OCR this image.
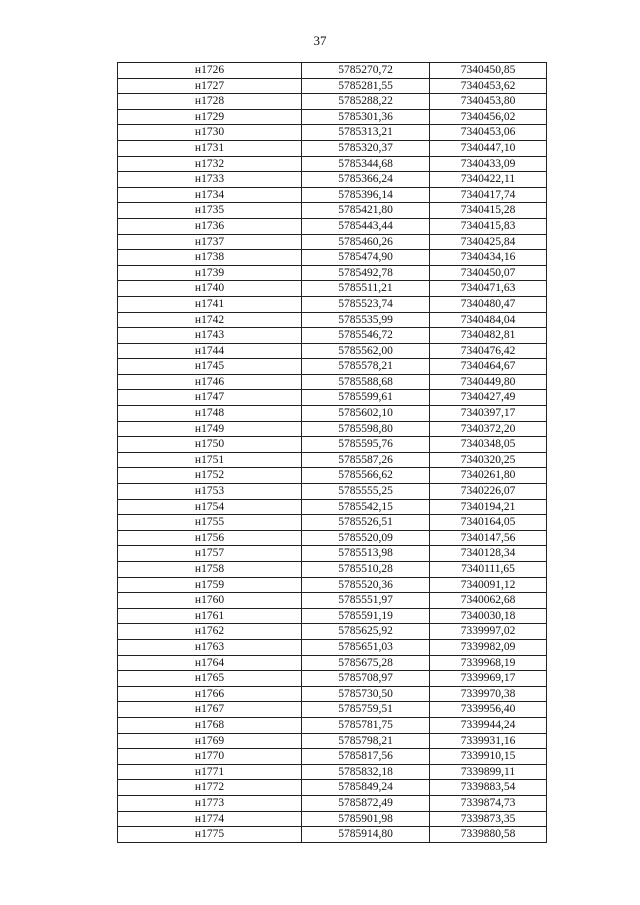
37
н1726	5785270,72	7340450,85
н1727	5785281,55	7340453,62
н1728	5785288,22	7340453,80
н1729	5785301,36	7340456,02
н1730	5785313,21	7340453,06
н1731	5785320,37	7340447,10
н1732	5785344,68	7340433,09
н1733	5785366,24	7340422,11
н1734	5785396,14	7340417,74
н1735	5785421,80	7340415,28
н1736	5785443,44	7340415,83
н1737	5785460,26	7340425,84
н1738	5785474,90	7340434,16
н1739	5785492,78	7340450,07
н1740	5785511,21	7340471,63
н1741	5785523,74	7340480,47
н1742	5785535,99	7340484,04
н1743	5785546,72	7340482,81
н1744	5785562,00	7340476,42
н1745	5785578,21	7340464,67
н1746	5785588,68	7340449,80
н1747	5785599,61	7340427,49
н1748	5785602,10	7340397,17
н1749	5785598,80	7340372,20
н1750	5785595,76	7340348,05
н1751	5785587,26	7340320,25
н1752	5785566,62	7340261,80
н1753	5785555,25	7340226,07
н1754	5785542,15	7340194,21
н1755	5785526,51	7340164,05
н1756	5785520,09	7340147,56
н1757	5785513,98	7340128,34
н1758	5785510,28	7340111,65
н1759	5785520,36	7340091,12
н1760	5785551,97	7340062,68
н1761	5785591,19	7340030,18
н1762	5785625,92	7339997,02
н1763	5785651,03	7339982,09
н1764	5785675,28	7339968,19
н1765	5785708,97	7339969,17
н1766	5785730,50	7339970,38
н1767	5785759,51	7339956,40
н1768	5785781,75	7339944,24
н1769	5785798,21	7339931,16
н1770	5785817,56	7339910,15
н1771	5785832,18	7339899,11
н1772	5785849,24	7339883,54
н1773	5785872,49	7339874,73
н1774	5785901,98	7339873,35
н1775	5785914,80	7339880,58
